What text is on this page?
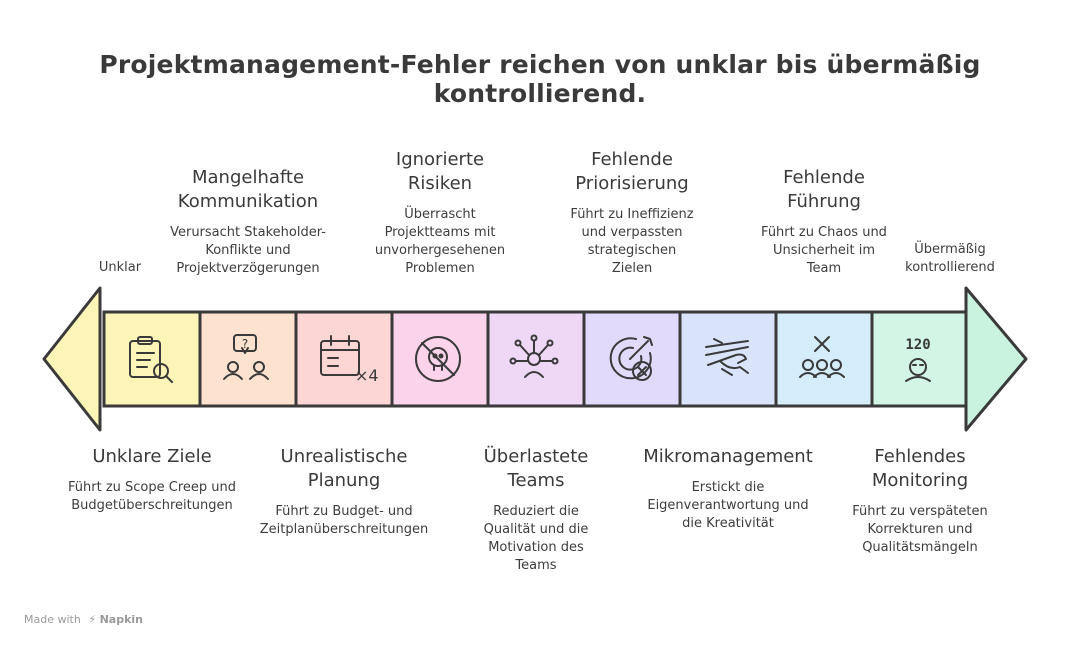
Projektmanagement-Fehler reichen von unklar bis übermäßig kontrollierend.
?
×4
120
Unklar
Übermäßig
kontrollierend
Unklare Ziele
Führt zu Scope Creep und Budgetüberschreitungen
Mangelhafte Kommunikation
Verursacht Stakeholder-Konflikte und Projektverzögerungen
Unrealistische Planung
Führt zu Budget- und Zeitplanüberschreitungen
Ignorierte Risiken
Überrascht Projektteams mit unvorhergesehenen Problemen
Überlastete Teams
Reduziert die Qualität und die Motivation des Teams
Fehlende Priorisierung
Führt zu Ineffizienz und verpassten strategischen Zielen
Mikromanagement
Erstickt die Eigenverantwortung und die Kreativität
Fehlende Führung
Führt zu Chaos und Unsicherheit im Team
Fehlendes Monitoring
Führt zu verspäteten Korrekturen und Qualitätsmängeln
Made with ⚡ Napkin
